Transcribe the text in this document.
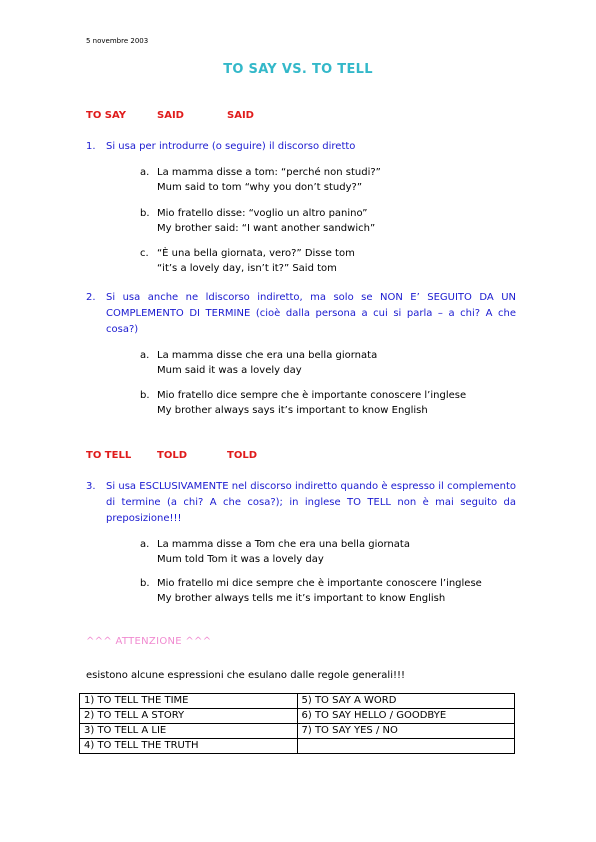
5 novembre 2003
TO SAY VS. TO TELL
TO SAY	SAID	SAID
1. Si usa per introdurre (o seguire) il discorso diretto
a. La mamma disse a tom: “perché non studi?”
Mum said to tom “why you don’t study?”
b. Mio fratello disse: “voglio un altro panino”
My brother said: “I want another sandwich”
c. “È una bella giornata, vero?” Disse tom
“it’s a lovely day, isn’t it?” Said tom
2. Si usa anche ne ldiscorso indiretto, ma solo se NON E’ SEGUITO DA UN COMPLEMENTO DI TERMINE (cioè dalla persona a cui si parla – a chi? A che cosa?)
a. La mamma disse che era una bella giornata
Mum said it was a lovely day
b. Mio fratello dice sempre che è importante conoscere l’inglese
My brother always says it’s important to know English
TO TELL	TOLD	TOLD
3. Si usa ESCLUSIVAMENTE nel discorso indiretto quando è espresso il complemento di termine (a chi? A che cosa?); in inglese TO TELL non è mai seguito da preposizione!!!
a. La mamma disse a Tom che era una bella giornata
Mum told Tom it was a lovely day
b. Mio fratello mi dice sempre che è importante conoscere l’inglese
My brother always tells me it’s important to know English
^^^ ATTENZIONE ^^^
esistono alcune espressioni che esulano dalle regole generali!!!
1) TO TELL THE TIME	5) TO SAY A WORD
2) TO TELL A STORY	6) TO SAY HELLO / GOODBYE
3) TO TELL A LIE	7) TO SAY YES / NO
4) TO TELL THE TRUTH	
